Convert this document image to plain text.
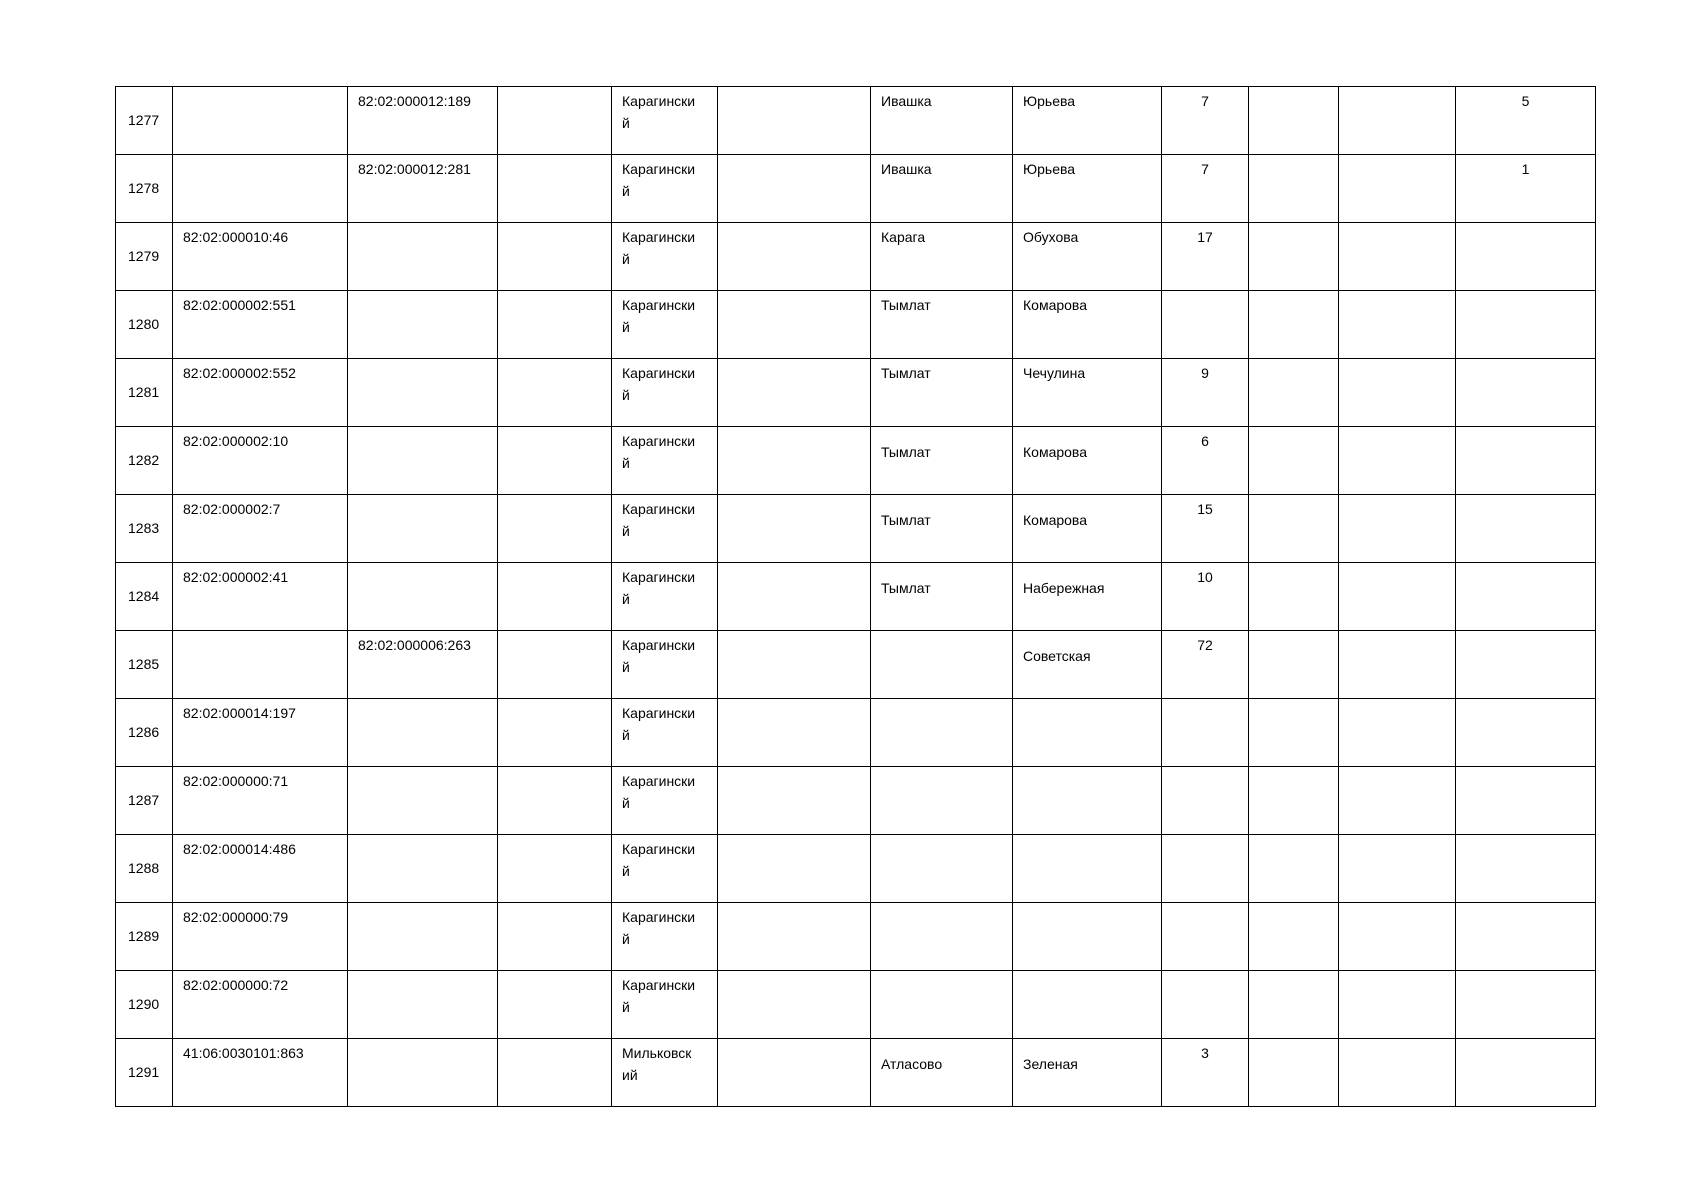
1277		82:02:000012:189		Карагински й		Ивашка	Юрьева	7			5

1278		82:02:000012:281		Карагински й		Ивашка	Юрьева	7			1

1279	82:02:000010:46			Карагински й		Карага	Обухова	17			

1280	82:02:000002:551			Карагински й		Тымлат	Комарова				

1281	82:02:000002:552			Карагински й		Тымлат	Чечулина	9			

1282	82:02:000002:10			Карагински й		Тымлат	Комарова	6			

1283	82:02:000002:7			Карагински й		Тымлат	Комарова	15			

1284	82:02:000002:41			Карагински й		Тымлат	Набережная	10			

1285		82:02:000006:263		Карагински й			Советская	72			

1286	82:02:000014:197			Карагински й							

1287	82:02:000000:71			Карагински й							

1288	82:02:000014:486			Карагински й							

1289	82:02:000000:79			Карагински й							

1290	82:02:000000:72			Карагински й							

1291	41:06:0030101:863			Мильковск ий		Атласово	Зеленая	3			
